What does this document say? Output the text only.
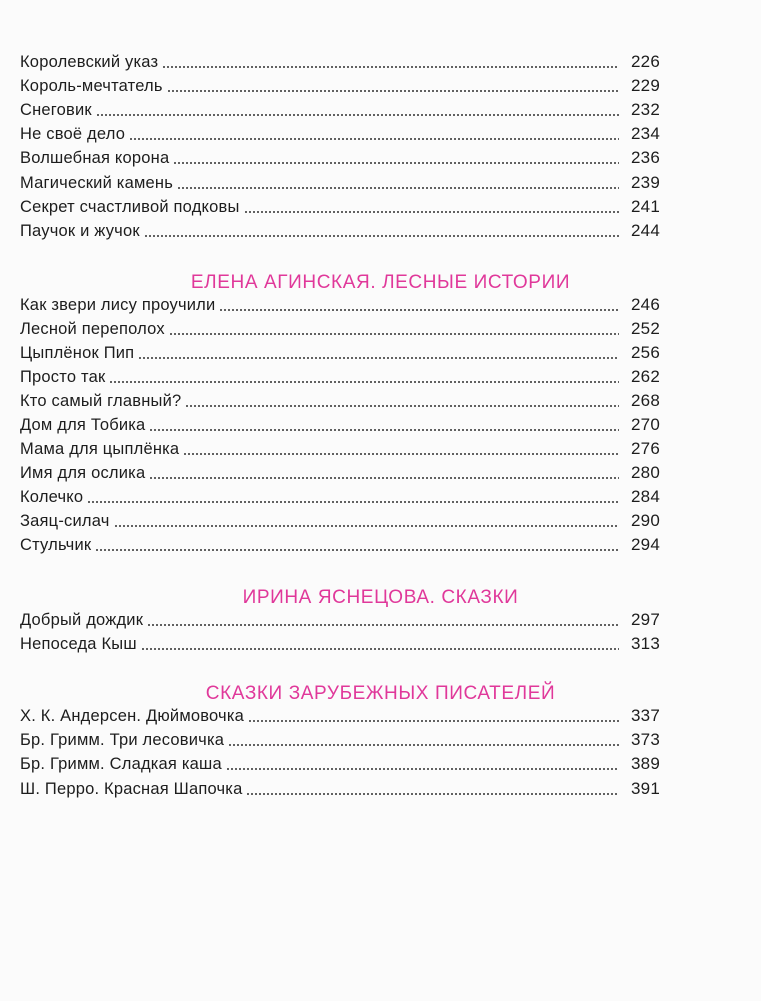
Королевский указ	226
Король-мечтатель	229
Снеговик	232
Не своё дело	234
Волшебная корона	236
Магический камень	239
Секрет счастливой подковы	241
Паучок и жучок	244
Как звери лису проучили	246
Лесной переполох	252
Цыплёнок Пип	256
Просто так	262
Кто самый главный?	268
Дом для Тобика	270
Мама для цыплёнка	276
Имя для ослика	280
Колечко	284
Заяц-силач	290
Стульчик	294
Добрый дождик	297
Непоседа Кыш	313
Х. К. Андерсен. Дюймовочка	337
Бр. Гримм. Три лесовичка	373
Бр. Гримм. Сладкая каша	389
Ш. Перро. Красная Шапочка	391
ЕЛЕНА АГИНСКАЯ. ЛЕСНЫЕ ИСТОРИИ
ИРИНА ЯСНЕЦОВА. СКАЗКИ
СКАЗКИ ЗАРУБЕЖНЫХ ПИСАТЕЛЕЙ
